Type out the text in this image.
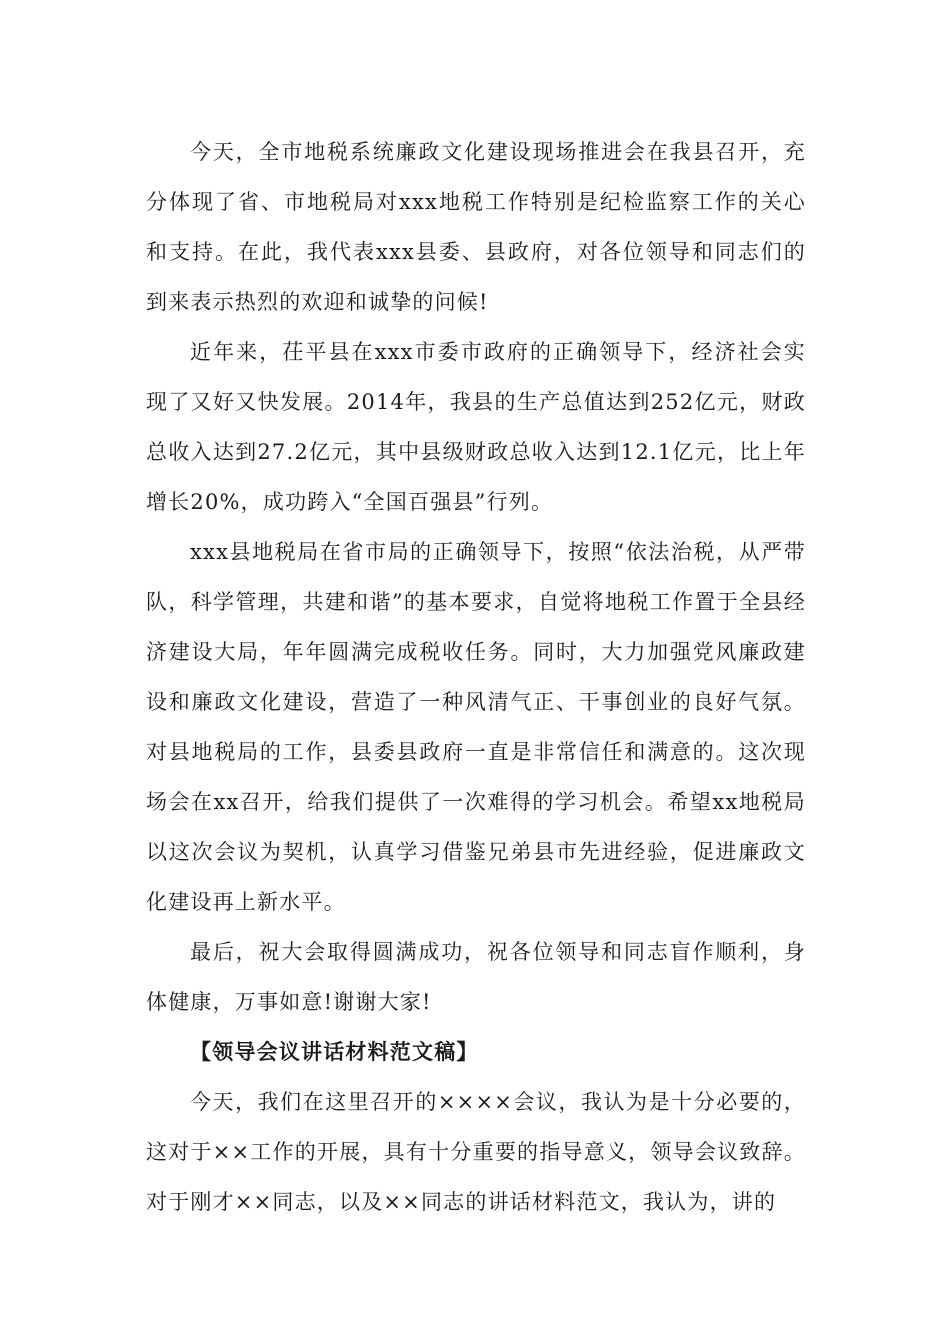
今天，全市地税系统廉政文化建设现场推进会在我县召开，充分体现了省、市地税局对xxx地税工作特别是纪检监察工作的关心和支持。在此，我代表xxx县委、县政府，对各位领导和同志们的到来表示热烈的欢迎和诚挚的问候!

近年来，茌平县在xxx市委市政府的正确领导下，经济社会实现了又好又快发展。2014年，我县的生产总值达到252亿元，财政总收入达到27.2亿元，其中县级财政总收入达到12.1亿元，比上年增长20%，成功跨入“全国百强县”行列。

xxx县地税局在省市局的正确领导下，按照“依法治税，从严带队，科学管理，共建和谐”的基本要求，自觉将地税工作置于全县经济建设大局，年年圆满完成税收任务。同时，大力加强党风廉政建设和廉政文化建设，营造了一种风清气正、干事创业的良好气氛。对县地税局的工作，县委县政府一直是非常信任和满意的。这次现场会在xx召开，给我们提供了一次难得的学习机会。希望xx地税局以这次会议为契机，认真学习借鉴兄弟县市先进经验，促进廉政文化建设再上新水平。

最后，祝大会取得圆满成功，祝各位领导和同志盲作顺利，身体健康，万事如意!谢谢大家!

【领导会议讲话材料范文稿】

今天，我们在这里召开的××××会议，我认为是十分必要的，这对于××工作的开展，具有十分重要的指导意义，领导会议致辞。对于刚才××同志，以及××同志的讲话材料范文，我认为，讲的
